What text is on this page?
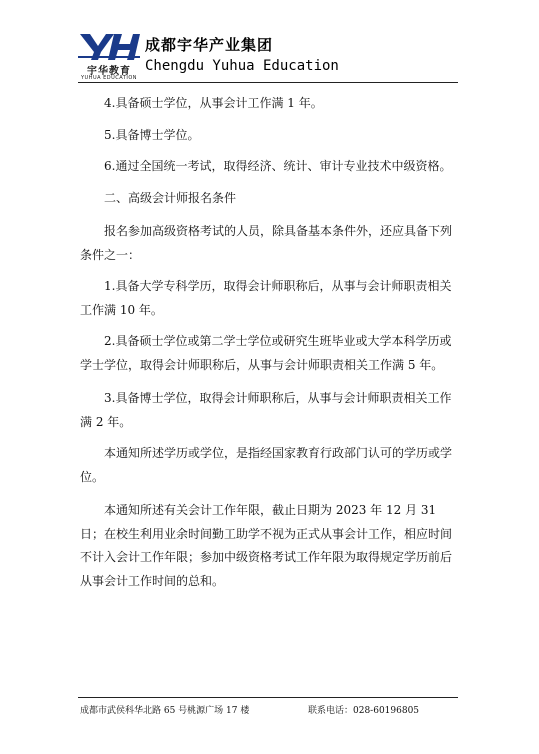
宇华教育
YUHUA EDUCATION
成都宇华产业集团
Chengdu Yuhua Education

4.具备硕士学位，从事会计工作满 1 年。

5.具备博士学位。

6.通过全国统一考试，取得经济、统计、审计专业技术中级资格。

二、高级会计师报名条件

报名参加高级资格考试的人员，除具备基本条件外，还应具备下列条件之一：

1.具备大学专科学历，取得会计师职称后，从事与会计师职责相关工作满 10 年。

2.具备硕士学位或第二学士学位或研究生班毕业或大学本科学历或学士学位，取得会计师职称后，从事与会计师职责相关工作满 5 年。

3.具备博士学位，取得会计师职称后，从事与会计师职责相关工作满 2 年。

本通知所述学历或学位，是指经国家教育行政部门认可的学历或学位。

本通知所述有关会计工作年限，截止日期为 2023 年 12 月 31 日；在校生利用业余时间勤工助学不视为正式从事会计工作，相应时间不计入会计工作年限；参加中级资格考试工作年限为取得规定学历前后从事会计工作时间的总和。

成都市武侯科华北路 65 号桃源广场 17 楼	联系电话：028-60196805
